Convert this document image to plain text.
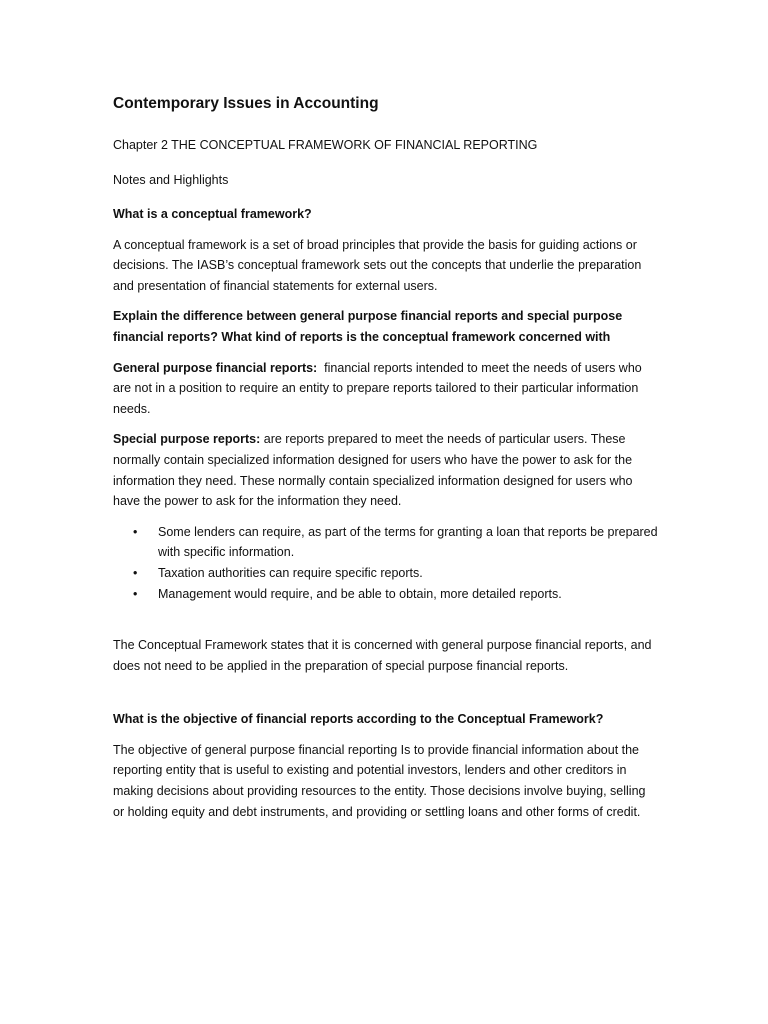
Contemporary Issues in Accounting
Chapter 2 THE CONCEPTUAL FRAMEWORK OF FINANCIAL REPORTING
Notes and Highlights

What is a conceptual framework?

A conceptual framework is a set of broad principles that provide the basis for guiding actions or decisions. The IASB’s conceptual framework sets out the concepts that underlie the preparation and presentation of financial statements for external users.

Explain the difference between general purpose financial reports and special purpose financial reports? What kind of reports is the conceptual framework concerned with

General purpose financial reports:  financial reports intended to meet the needs of users who are not in a position to require an entity to prepare reports tailored to their particular information needs.

Special purpose reports: are reports prepared to meet the needs of particular users. These normally contain specialized information designed for users who have the power to ask for the information they need. These normally contain specialized information designed for users who have the power to ask for the information they need.

• Some lenders can require, as part of the terms for granting a loan that reports be prepared with specific information.
• Taxation authorities can require specific reports.
• Management would require, and be able to obtain, more detailed reports.

The Conceptual Framework states that it is concerned with general purpose financial reports, and does not need to be applied in the preparation of special purpose financial reports.

What is the objective of financial reports according to the Conceptual Framework?

The objective of general purpose financial reporting Is to provide financial information about the reporting entity that is useful to existing and potential investors, lenders and other creditors in making decisions about providing resources to the entity. Those decisions involve buying, selling or holding equity and debt instruments, and providing or settling loans and other forms of credit.
